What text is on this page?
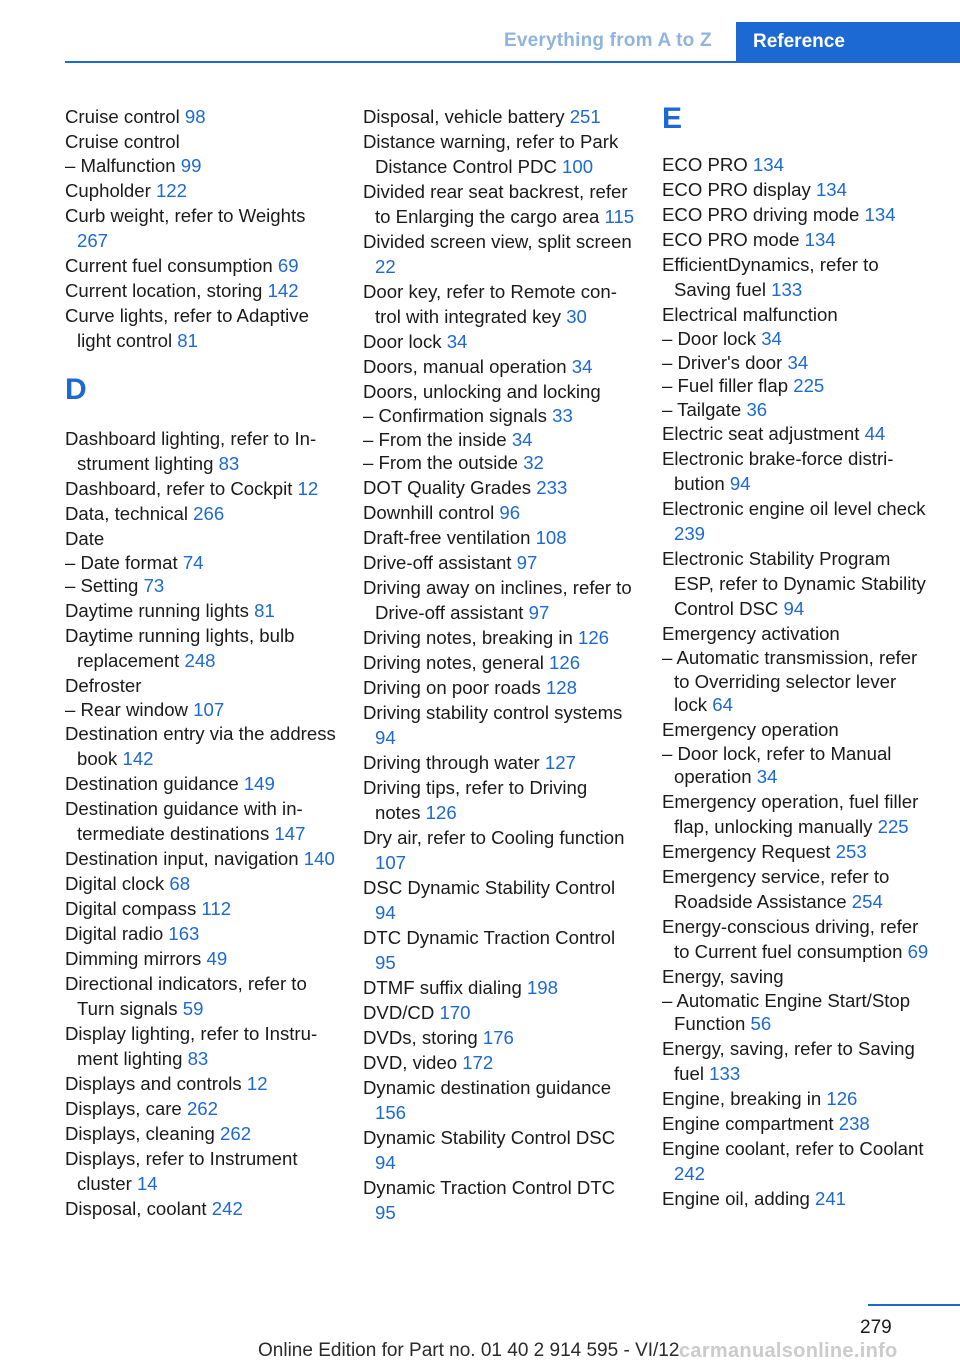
Everything from A to Z	Reference
Cruise control 98
Cruise control
– Malfunction 99
Cupholder 122
Curb weight, refer to Weights 267
Current fuel consumption 69
Current location, storing 142
Curve lights, refer to Adaptive light control 81
D
Dashboard lighting, refer to Instrument lighting 83
Dashboard, refer to Cockpit 12
Data, technical 266
Date
– Date format 74
– Setting 73
Daytime running lights 81
Daytime running lights, bulb replacement 248
Defroster
– Rear window 107
Destination entry via the address book 142
Destination guidance 149
Destination guidance with intermediate destinations 147
Destination input, navigation 140
Digital clock 68
Digital compass 112
Digital radio 163
Dimming mirrors 49
Directional indicators, refer to Turn signals 59
Display lighting, refer to Instrument lighting 83
Displays and controls 12
Displays, care 262
Displays, cleaning 262
Displays, refer to Instrument cluster 14
Disposal, coolant 242
Disposal, vehicle battery 251
Distance warning, refer to Park Distance Control PDC 100
Divided rear seat backrest, refer to Enlarging the cargo area 115
Divided screen view, split screen 22
Door key, refer to Remote control with integrated key 30
Door lock 34
Doors, manual operation 34
Doors, unlocking and locking
– Confirmation signals 33
– From the inside 34
– From the outside 32
DOT Quality Grades 233
Downhill control 96
Draft-free ventilation 108
Drive-off assistant 97
Driving away on inclines, refer to Drive-off assistant 97
Driving notes, breaking in 126
Driving notes, general 126
Driving on poor roads 128
Driving stability control systems 94
Driving through water 127
Driving tips, refer to Driving notes 126
Dry air, refer to Cooling function 107
DSC Dynamic Stability Control 94
DTC Dynamic Traction Control 95
DTMF suffix dialing 198
DVD/CD 170
DVDs, storing 176
DVD, video 172
Dynamic destination guidance 156
Dynamic Stability Control DSC 94
Dynamic Traction Control DTC 95
E
ECO PRO 134
ECO PRO display 134
ECO PRO driving mode 134
ECO PRO mode 134
EfficientDynamics, refer to Saving fuel 133
Electrical malfunction
– Door lock 34
– Driver's door 34
– Fuel filler flap 225
– Tailgate 36
Electric seat adjustment 44
Electronic brake-force distribution 94
Electronic engine oil level check 239
Electronic Stability Program ESP, refer to Dynamic Stability Control DSC 94
Emergency activation
– Automatic transmission, refer to Overriding selector lever lock 64
Emergency operation
– Door lock, refer to Manual operation 34
Emergency operation, fuel filler flap, unlocking manually 225
Emergency Request 253
Emergency service, refer to Roadside Assistance 254
Energy-conscious driving, refer to Current fuel consumption 69
Energy, saving
– Automatic Engine Start/Stop Function 56
Energy, saving, refer to Saving fuel 133
Engine, breaking in 126
Engine compartment 238
Engine coolant, refer to Coolant 242
Engine oil, adding 241
279
Online Edition for Part no. 01 40 2 914 595 - VI/12 carmanualsonline.info
